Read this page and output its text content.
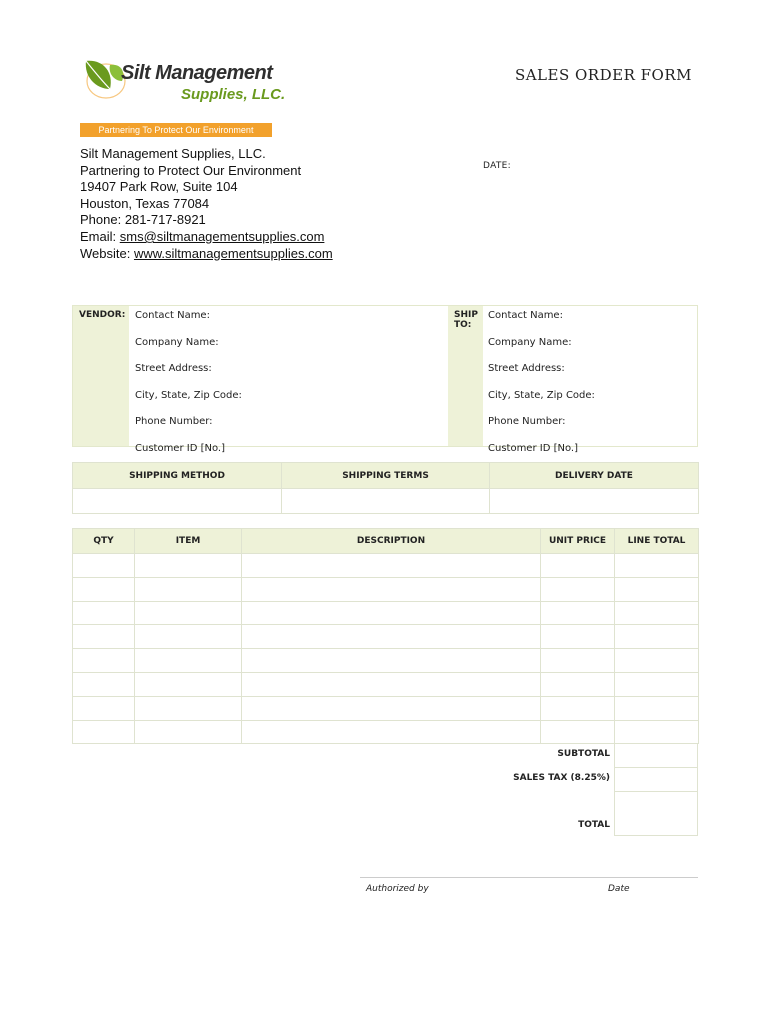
Silt Management
Supplies, LLC.
Partnering To Protect Our Environment
SALES ORDER FORM
Silt Management Supplies, LLC.
Partnering to Protect Our Environment
19407 Park Row, Suite 104
Houston, Texas 77084
Phone: 281-717-8921
Email: sms@siltmanagementsupplies.com
Website: www.siltmanagementsupplies.com
DATE:
VENDOR: Contact Name:
Company Name:
Street Address:
City, State, Zip Code:
Phone Number:
Customer ID [No.]
SHIP
TO:
Contact Name:
Company Name:
Street Address:
City, State, Zip Code:
Phone Number:
Customer ID [No.]
SHIPPING METHOD	SHIPPING TERMS	DELIVERY DATE

QTY	ITEM	DESCRIPTION	UNIT PRICE	LINE TOTAL

SUBTOTAL
SALES TAX (8.25%)
TOTAL

Authorized by	Date
